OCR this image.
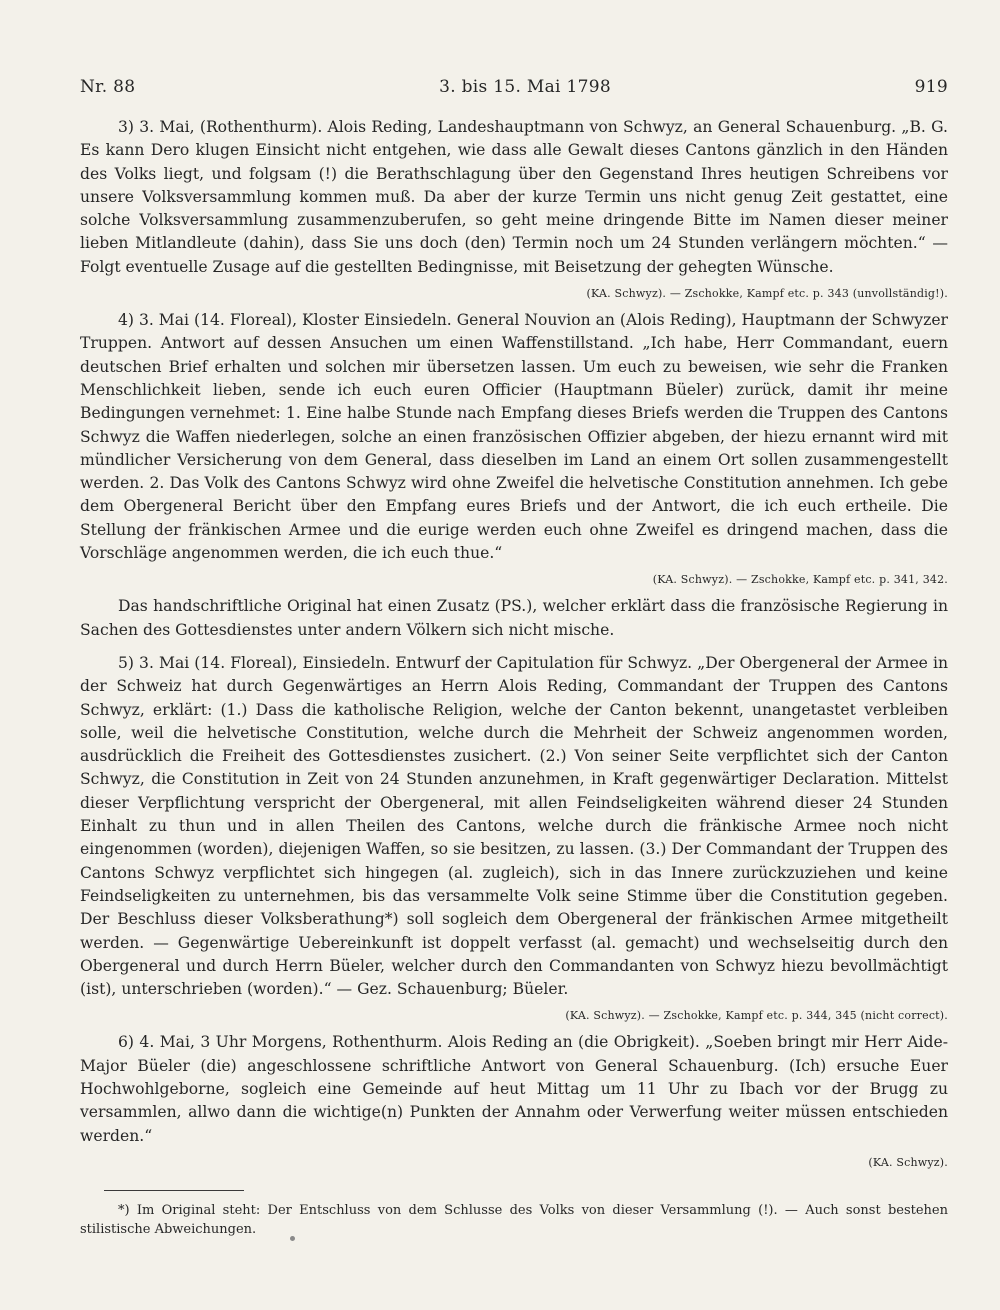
Nr. 88	3. bis 15. Mai 1798	919

3) 3. Mai, (Rothenthurm). Alois Reding, Landeshauptmann von Schwyz, an General Schauenburg. „B. G. Es kann Dero klugen Einsicht nicht entgehen, wie dass alle Gewalt dieses Cantons gänzlich in den Händen des Volks liegt, und folgsam (!) die Berathschlagung über den Gegenstand Ihres heutigen Schreibens vor unsere Volksversammlung kommen muß. Da aber der kurze Termin uns nicht genug Zeit gestattet, eine solche Volksversammlung zusammenzuberufen, so geht meine dringende Bitte im Namen dieser meiner lieben Mitlandleute (dahin), dass Sie uns doch (den) Termin noch um 24 Stunden verlängern möchten.“ — Folgt eventuelle Zusage auf die gestellten Bedingnisse, mit Beisetzung der gehegten Wünsche.

(KA. Schwyz). — Zschokke, Kampf etc. p. 343 (unvollständig!).

4) 3. Mai (14. Floreal), Kloster Einsiedeln. General Nouvion an (Alois Reding), Hauptmann der Schwyzer Truppen. Antwort auf dessen Ansuchen um einen Waffenstillstand. „Ich habe, Herr Commandant, euern deutschen Brief erhalten und solchen mir übersetzen lassen. Um euch zu beweisen, wie sehr die Franken Menschlichkeit lieben, sende ich euch euren Officier (Hauptmann Büeler) zurück, damit ihr meine Bedingungen vernehmet: 1. Eine halbe Stunde nach Empfang dieses Briefs werden die Truppen des Cantons Schwyz die Waffen niederlegen, solche an einen französischen Offizier abgeben, der hiezu ernannt wird mit mündlicher Versicherung von dem General, dass dieselben im Land an einem Ort sollen zusammengestellt werden. 2. Das Volk des Cantons Schwyz wird ohne Zweifel die helvetische Constitution annehmen. Ich gebe dem Obergeneral Bericht über den Empfang eures Briefs und der Antwort, die ich euch ertheile. Die Stellung der fränkischen Armee und die eurige werden euch ohne Zweifel es dringend machen, dass die Vorschläge angenommen werden, die ich euch thue.“

(KA. Schwyz). — Zschokke, Kampf etc. p. 341, 342.

Das handschriftliche Original hat einen Zusatz (PS.), welcher erklärt dass die französische Regierung in Sachen des Gottesdienstes unter andern Völkern sich nicht mische.

5) 3. Mai (14. Floreal), Einsiedeln. Entwurf der Capitulation für Schwyz. „Der Obergeneral der Armee in der Schweiz hat durch Gegenwärtiges an Herrn Alois Reding, Commandant der Truppen des Cantons Schwyz, erklärt: (1.) Dass die katholische Religion, welche der Canton bekennt, unangetastet verbleiben solle, weil die helvetische Constitution, welche durch die Mehrheit der Schweiz angenommen worden, ausdrücklich die Freiheit des Gottesdienstes zusichert. (2.) Von seiner Seite verpflichtet sich der Canton Schwyz, die Constitution in Zeit von 24 Stunden anzunehmen, in Kraft gegenwärtiger Declaration. Mittelst dieser Verpflichtung verspricht der Obergeneral, mit allen Feindseligkeiten während dieser 24 Stunden Einhalt zu thun und in allen Theilen des Cantons, welche durch die fränkische Armee noch nicht eingenommen (worden), diejenigen Waffen, so sie besitzen, zu lassen. (3.) Der Commandant der Truppen des Cantons Schwyz verpflichtet sich hingegen (al. zugleich), sich in das Innere zurückzuziehen und keine Feindseligkeiten zu unternehmen, bis das versammelte Volk seine Stimme über die Constitution gegeben. Der Beschluss dieser Volksberathung*) soll sogleich dem Obergeneral der fränkischen Armee mitgetheilt werden. — Gegenwärtige Uebereinkunft ist doppelt verfasst (al. gemacht) und wechselseitig durch den Obergeneral und durch Herrn Büeler, welcher durch den Commandanten von Schwyz hiezu bevollmächtigt (ist), unterschrieben (worden).“ — Gez. Schauenburg; Büeler.

(KA. Schwyz). — Zschokke, Kampf etc. p. 344, 345 (nicht correct).

6) 4. Mai, 3 Uhr Morgens, Rothenthurm. Alois Reding an (die Obrigkeit). „Soeben bringt mir Herr Aide-Major Büeler (die) angeschlossene schriftliche Antwort von General Schauenburg. (Ich) ersuche Euer Hochwohlgeborne, sogleich eine Gemeinde auf heut Mittag um 11 Uhr zu Ibach vor der Brugg zu versammlen, allwo dann die wichtige(n) Punkten der Annahm oder Verwerfung weiter müssen entschieden werden.“

(KA. Schwyz).

*) Im Original steht: Der Entschluss von dem Schlusse des Volks von dieser Versammlung (!). — Auch sonst bestehen stilistische Abweichungen.
